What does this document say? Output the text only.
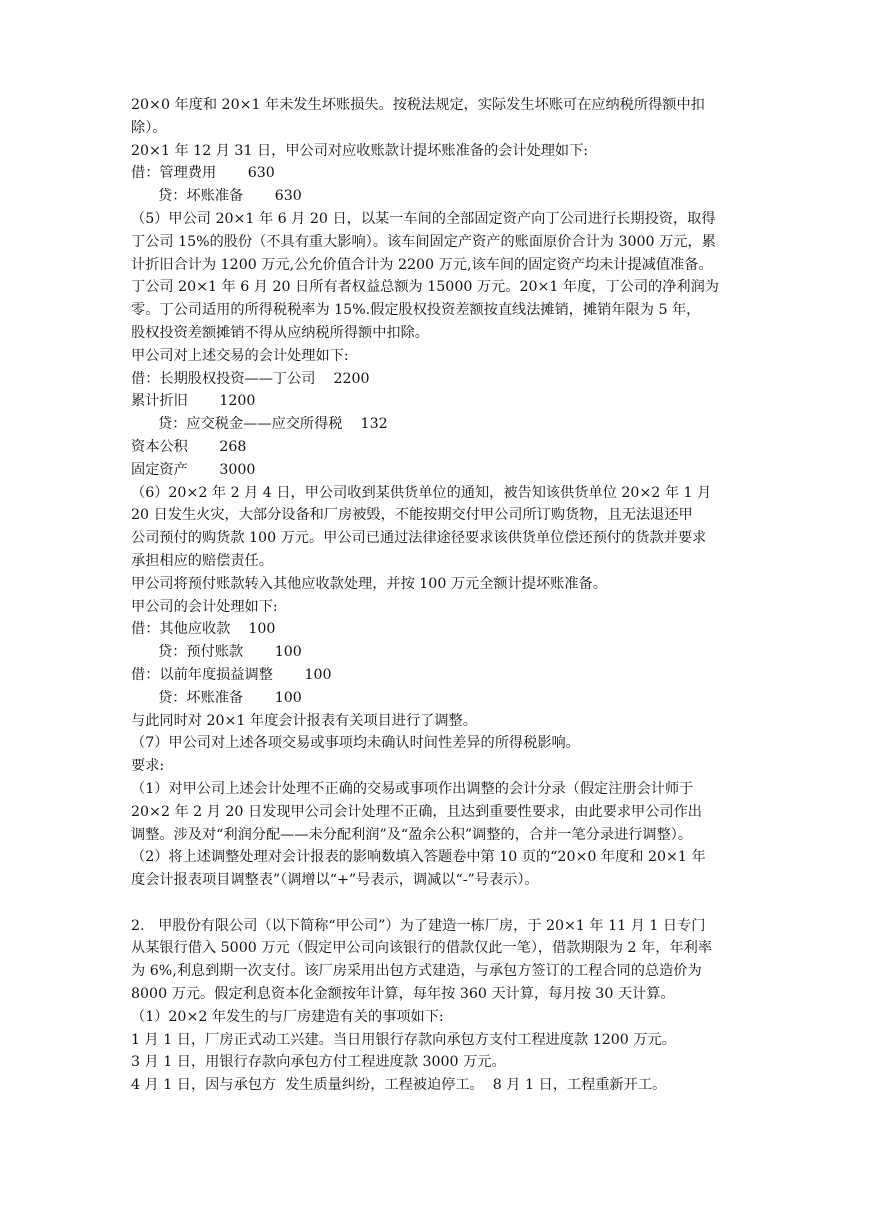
20×0 年度和 20×1 年未发生坏账损失。按税法规定，实际发生坏账可在应纳税所得额中扣
除）。
20×1 年 12 月 31 日，甲公司对应收账款计提坏账准备的会计处理如下:
借：管理费用       630
贷：坏账准备       630
（5）甲公司 20×1 年 6 月 20 日，以某一车间的全部固定资产向丁公司进行长期投资，取得
丁公司 15%的股份（不具有重大影响）。该车间固定产资产的账面原价合计为 3000 万元，累
计折旧合计为 1200 万元,公允价值合计为 2200 万元,该车间的固定资产均未计提减值准备。
丁公司 20×1 年 6 月 20 日所有者权益总额为 15000 万元。20×1 年度，丁公司的净利润为
零。丁公司适用的所得税税率为 15%.假定股权投资差额按直线法摊销，摊销年限为 5 年，
股权投资差额摊销不得从应纳税所得额中扣除。
甲公司对上述交易的会计处理如下:
借：长期股权投资——丁公司    2200
累计折旧       1200
贷：应交税金——应交所得税    132
资本公积       268
固定资产       3000
（6）20×2 年 2 月 4 日，甲公司收到某供货单位的通知，被告知该供货单位 20×2 年 1 月
20 日发生火灾，大部分设备和厂房被毁，不能按期交付甲公司所订购货物，且无法退还甲
公司预付的购货款 100 万元。甲公司已通过法律途径要求该供货单位偿还预付的货款并要求
承担相应的赔偿责任。
甲公司将预付账款转入其他应收款处理，并按 100 万元全额计提坏账准备。
甲公司的会计处理如下:
借：其他应收款    100
贷：预付账款       100
借：以前年度损益调整       100
贷：坏账准备       100
与此同时对 20×1 年度会计报表有关项目进行了调整。
（7）甲公司对上述各项交易或事项均未确认时间性差异的所得税影响。
要求:
（1）对甲公司上述会计处理不正确的交易或事项作出调整的会计分录（假定注册会计师于
20×2 年 2 月 20 日发现甲公司会计处理不正确，且达到重要性要求，由此要求甲公司作出
调整。涉及对“利润分配——未分配利润”及“盈余公积”调整的，合并一笔分录进行调整）。
（2）将上述调整处理对会计报表的影响数填入答题卷中第 10 页的“20×0 年度和 20×1 年
度会计报表项目调整表”（调增以“+”号表示，调减以“-”号表示）。
2.   甲股份有限公司（以下简称“甲公司”）为了建造一栋厂房，于 20×1 年 11 月 1 日专门
从某银行借入 5000 万元（假定甲公司向该银行的借款仅此一笔），借款期限为 2 年，年利率
为 6%,利息到期一次支付。该厂房采用出包方式建造，与承包方签订的工程合同的总造价为
8000 万元。假定利息资本化金额按年计算，每年按 360 天计算，每月按 30 天计算。
（1）20×2 年发生的与厂房建造有关的事项如下:
1 月 1 日，厂房正式动工兴建。当日用银行存款向承包方支付工程进度款 1200 万元。
3 月 1 日，用银行存款向承包方付工程进度款 3000 万元。
4 月 1 日，因与承包方  发生质量纠纷，工程被迫停工。  8 月 1 日，工程重新开工。
